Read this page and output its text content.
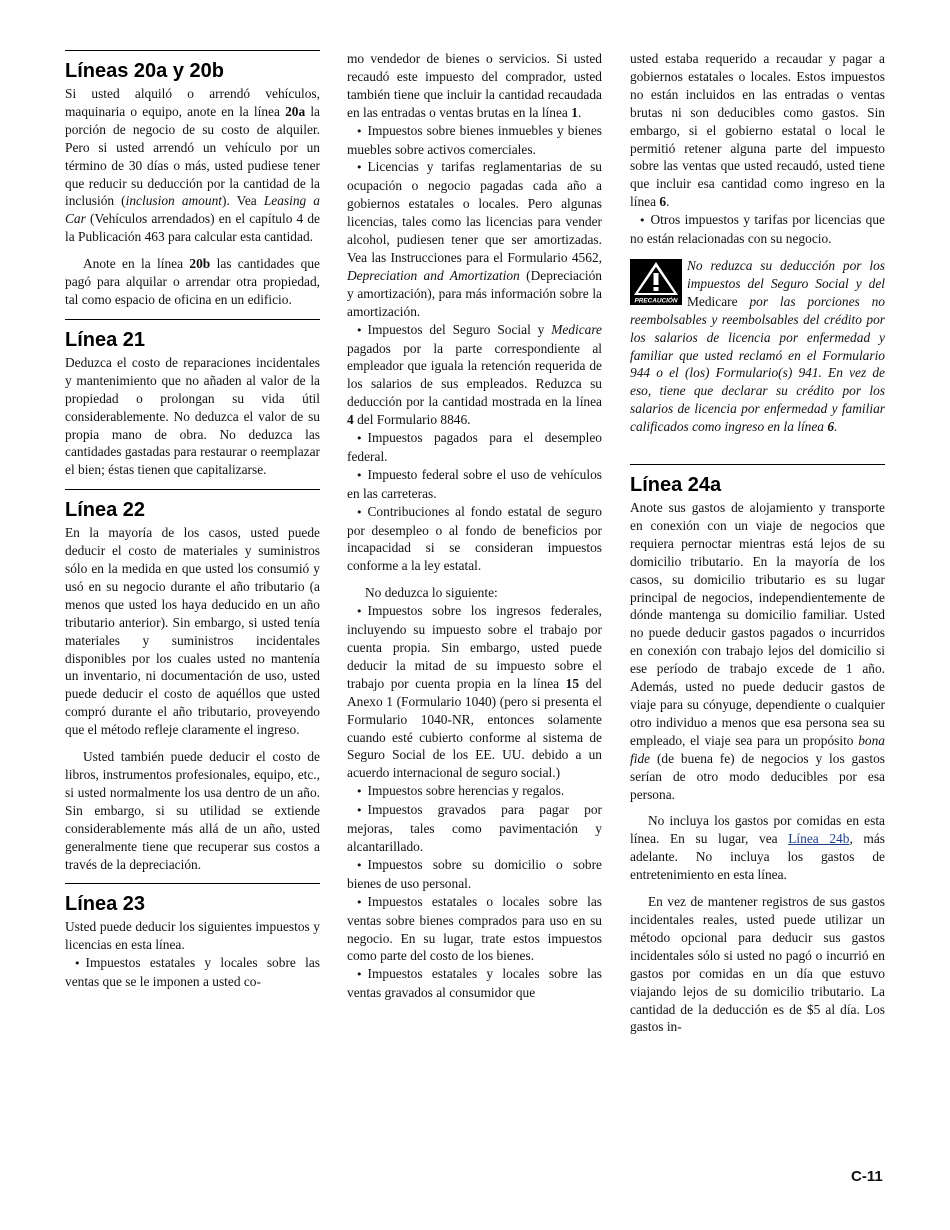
Líneas 20a y 20b

Si usted alquiló o arrendó vehículos, maquinaria o equipo, anote en la línea 20a la porción de negocio de su costo de alquiler. Pero si usted arrendó un vehículo por un término de 30 días o más, usted pudiese tener que reducir su deducción por la cantidad de la inclusión (inclusion amount). Vea Leasing a Car (Vehículos arrendados) en el capítulo 4 de la Publicación 463 para calcular esta cantidad.

Anote en la línea 20b las cantidades que pagó para alquilar o arrendar otra propiedad, tal como espacio de oficina en un edificio.

Línea 21

Deduzca el costo de reparaciones incidentales y mantenimiento que no añaden al valor de la propiedad o prolongan su vida útil considerablemente. No deduzca el valor de su propia mano de obra. No deduzca las cantidades gastadas para restaurar o reemplazar el bien; éstas tienen que capitalizarse.

Línea 22

En la mayoría de los casos, usted puede deducir el costo de materiales y suministros sólo en la medida en que usted los consumió y usó en su negocio durante el año tributario (a menos que usted los haya deducido en un año tributario anterior). Sin embargo, si usted tenía materiales y suministros incidentales disponibles por los cuales usted no mantenía un inventario, ni documentación de uso, usted puede deducir el costo de aquéllos que usted compró durante el año tributario, proveyendo que el método refleje claramente el ingreso.

Usted también puede deducir el costo de libros, instrumentos profesionales, equipo, etc., si usted normalmente los usa dentro de un año. Sin embargo, si su utilidad se extiende considerablemente más allá de un año, usted generalmente tiene que recuperar sus costos a través de la depreciación.

Línea 23

Usted puede deducir los siguientes impuestos y licencias en esta línea.

• Impuestos estatales y locales sobre las ventas que se le imponen a usted co-

mo vendedor de bienes o servicios. Si usted recaudó este impuesto del comprador, usted también tiene que incluir la cantidad recaudada en las entradas o ventas brutas en la línea 1.

• Impuestos sobre bienes inmuebles y bienes muebles sobre activos comerciales.

• Licencias y tarifas reglamentarias de su ocupación o negocio pagadas cada año a gobiernos estatales o locales. Pero algunas licencias, tales como las licencias para vender alcohol, pudiesen tener que ser amortizadas. Vea las Instrucciones para el Formulario 4562, Depreciation and Amortization (Depreciación y amortización), para más información sobre la amortización.

• Impuestos del Seguro Social y Medicare pagados por la parte correspondiente al empleador que iguala la retención requerida de los salarios de sus empleados. Reduzca su deducción por la cantidad mostrada en la línea 4 del Formulario 8846.

• Impuestos pagados para el desempleo federal.

• Impuesto federal sobre el uso de vehículos en las carreteras.

• Contribuciones al fondo estatal de seguro por desempleo o al fondo de beneficios por incapacidad si se consideran impuestos conforme a la ley estatal.

No deduzca lo siguiente:

• Impuestos sobre los ingresos federales, incluyendo su impuesto sobre el trabajo por cuenta propia. Sin embargo, usted puede deducir la mitad de su impuesto sobre el trabajo por cuenta propia en la línea 15 del Anexo 1 (Formulario 1040) (pero si presenta el Formulario 1040-NR, entonces solamente cuando esté cubierto conforme al sistema de Seguro Social de los EE. UU. debido a un acuerdo internacional de seguro social.)

• Impuestos sobre herencias y regalos.

• Impuestos gravados para pagar por mejoras, tales como pavimentación y alcantarillado.

• Impuestos sobre su domicilio o sobre bienes de uso personal.

• Impuestos estatales o locales sobre las ventas sobre bienes comprados para uso en su negocio. En su lugar, trate estos impuestos como parte del costo de los bienes.

• Impuestos estatales y locales sobre las ventas gravados al consumidor que

usted estaba requerido a recaudar y pagar a gobiernos estatales o locales. Estos impuestos no están incluidos en las entradas o ventas brutas ni son deducibles como gastos. Sin embargo, si el gobierno estatal o local le permitió retener alguna parte del impuesto sobre las ventas que usted recaudó, usted tiene que incluir esa cantidad como ingreso en la línea 6.

• Otros impuestos y tarifas por licencias que no están relacionadas con su negocio.

PRECAUCIÓN
No reduzca su deducción por los impuestos del Seguro Social y del Medicare por las porciones no reembolsables y reembolsables del crédito por los salarios de licencia por enfermedad y familiar que usted reclamó en el Formulario 944 o el (los) Formulario(s) 941. En vez de eso, tiene que declarar su crédito por los salarios de licencia por enfermedad y familiar calificados como ingreso en la línea 6.
Línea 24a

Anote sus gastos de alojamiento y transporte en conexión con un viaje de negocios que requiera pernoctar mientras está lejos de su domicilio tributario. En la mayoría de los casos, su domicilio tributario es su lugar principal de negocios, independientemente de dónde mantenga su domicilio familiar. Usted no puede deducir gastos pagados o incurridos en conexión con trabajo lejos del domicilio si ese período de trabajo excede de 1 año. Además, usted no puede deducir gastos de viaje para su cónyuge, dependiente o cualquier otro individuo a menos que esa persona sea su empleado, el viaje sea para un propósito bona fide (de buena fe) de negocios y los gastos serían de otro modo deducibles por esa persona.

No incluya los gastos por comidas en esta línea. En su lugar, vea Línea 24b, más adelante. No incluya los gastos de entretenimiento en esta línea.

En vez de mantener registros de sus gastos incidentales reales, usted puede utilizar un método opcional para deducir sus gastos incidentales sólo si usted no pagó o incurrió en gastos por comidas en un día que estuvo viajando lejos de su domicilio tributario. La cantidad de la deducción es de $5 al día. Los gastos in-

C-11
